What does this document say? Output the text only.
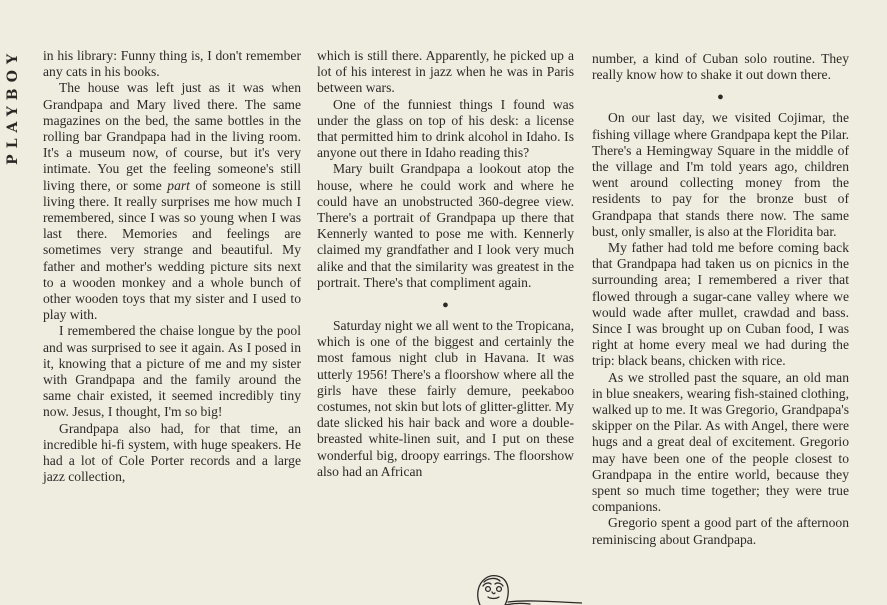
PLAYBOY in his library: Funny thing is, I don't remember any cats in his books.

The house was left just as it was when Grandpapa and Mary lived there. The same magazines on the bed, the same bottles in the rolling bar Grandpapa had in the living room. It's a museum now, of course, but it's very intimate. You get the feeling someone's still living there, or some part of someone is still living there. It really surprises me how much I remembered, since I was so young when I was last there. Memories and feelings are sometimes very strange and beautiful. My father and mother's wedding picture sits next to a wooden monkey and a whole bunch of other wooden toys that my sister and I used to play with.

I remembered the chaise longue by the pool and was surprised to see it again. As I posed in it, knowing that a picture of me and my sister with Grandpapa and the family around the same chair existed, it seemed incredibly tiny now. Jesus, I thought, I'm so big!

Grandpapa also had, for that time, an incredible hi-fi system, with huge speakers. He had a lot of Cole Porter records and a large jazz collection,

which is still there. Apparently, he picked up a lot of his interest in jazz when he was in Paris between wars.

One of the funniest things I found was under the glass on top of his desk: a license that permitted him to drink alcohol in Idaho. Is anyone out there in Idaho reading this?

Mary built Grandpapa a lookout atop the house, where he could work and where he could have an unobstructed 360-degree view. There's a portrait of Grandpapa up there that Kennerly wanted to pose me with. Kennerly claimed my grandfather and I look very much alike and that the similarity was greatest in the portrait. There's that compliment again.

●

Saturday night we all went to the Tropicana, which is one of the biggest and certainly the most famous night club in Havana. It was utterly 1956! There's a floorshow where all the girls have these fairly demure, peekaboo costumes, not skin but lots of glitter-glitter. My date slicked his hair back and wore a double-breasted white-linen suit, and I put on these wonderful big, droopy earrings. The floorshow also had an African

number, a kind of Cuban solo routine. They really know how to shake it out down there.

●

On our last day, we visited Cojimar, the fishing village where Grandpapa kept the Pilar. There's a Hemingway Square in the middle of the village and I'm told years ago, children went around collecting money from the residents to pay for the bronze bust of Grandpapa that stands there now. The same bust, only smaller, is also at the Floridita bar.

My father had told me before coming back that Grandpapa had taken us on picnics in the surrounding area; I remembered a river that flowed through a sugar-cane valley where we would wade after mullet, crawdad and bass. Since I was brought up on Cuban food, I was right at home every meal we had during the trip: black beans, chicken with rice.

As we strolled past the square, an old man in blue sneakers, wearing fish-stained clothing, walked up to me. It was Gregorio, Grandpapa's skipper on the Pilar. As with Angel, there were hugs and a great deal of excitement. Gregorio may have been one of the people closest to Grandpapa in the entire world, because they spent so much time together; they were true companions.

Gregorio spent a good part of the afternoon reminiscing about Grandpapa.
